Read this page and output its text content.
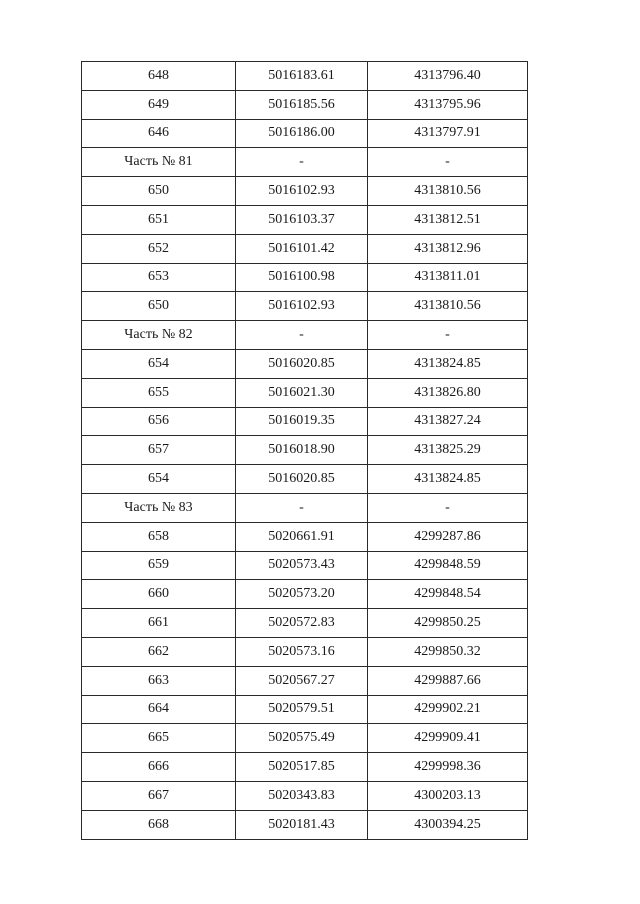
648	5016183.61	4313796.40
649	5016185.56	4313795.96
646	5016186.00	4313797.91
Часть № 81	-	-
650	5016102.93	4313810.56
651	5016103.37	4313812.51
652	5016101.42	4313812.96
653	5016100.98	4313811.01
650	5016102.93	4313810.56
Часть № 82	-	-
654	5016020.85	4313824.85
655	5016021.30	4313826.80
656	5016019.35	4313827.24
657	5016018.90	4313825.29
654	5016020.85	4313824.85
Часть № 83	-	-
658	5020661.91	4299287.86
659	5020573.43	4299848.59
660	5020573.20	4299848.54
661	5020572.83	4299850.25
662	5020573.16	4299850.32
663	5020567.27	4299887.66
664	5020579.51	4299902.21
665	5020575.49	4299909.41
666	5020517.85	4299998.36
667	5020343.83	4300203.13
668	5020181.43	4300394.25
